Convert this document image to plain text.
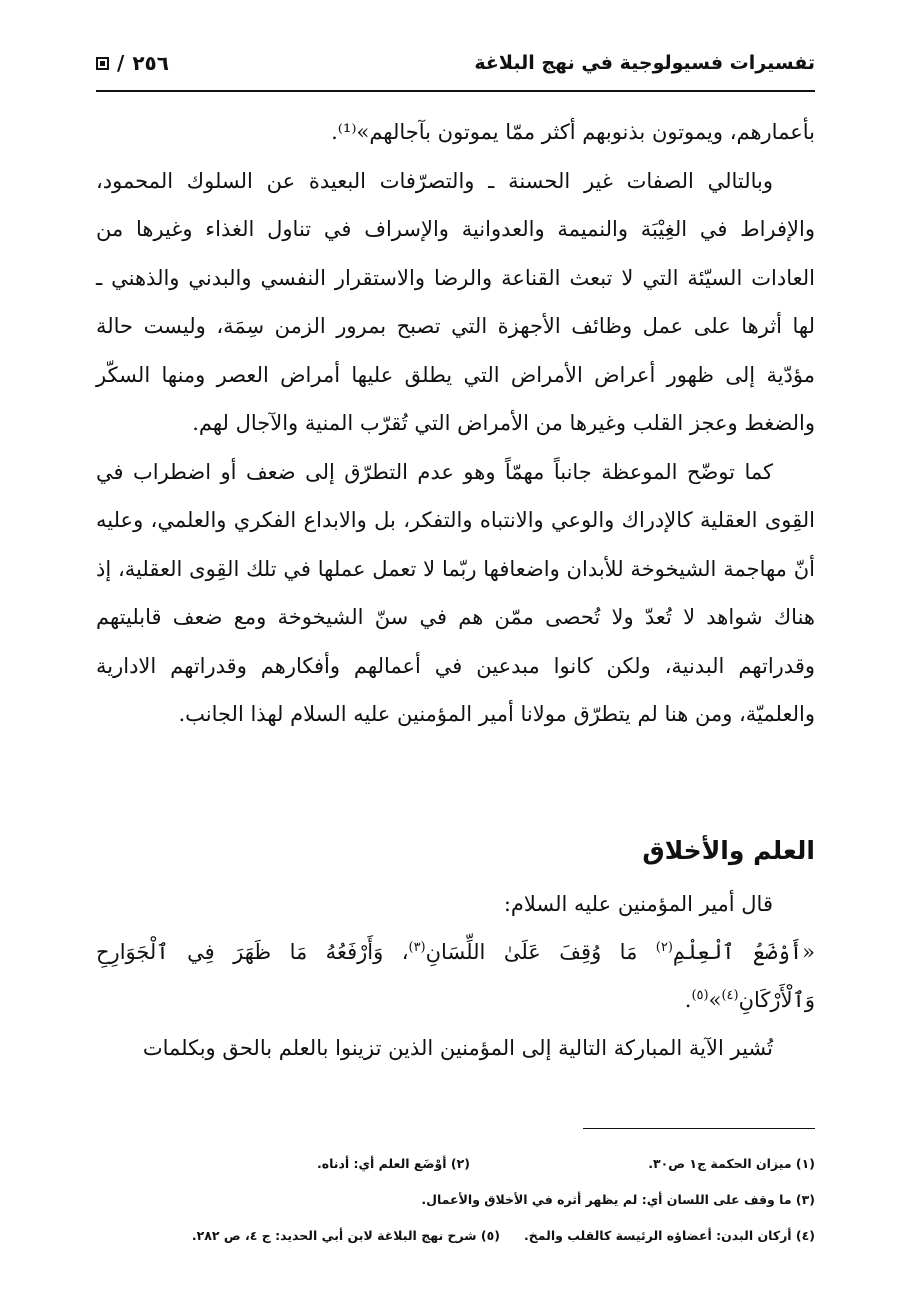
تفسيرات فسيولوجية في نهج البلاغة
٢٥٦
/

بأعمارهم، ويموتون بذنوبهم أكثر ممّا يموتون بآجالهم»⁽¹⁾.

وبالتالي الصفات غير الحسنة ـ والتصرّفات البعيدة عن السلوك المحمود، والإفراط في الغِيْبَة والنميمة والعدوانية والإسراف في تناول الغذاء وغيرها من العادات السيّئة التي لا تبعث القناعة والرضا والاستقرار النفسي والبدني والذهني ـ لها أثرها على عمل وظائف الأجهزة التي تصبح بمرور الزمن سِمَة، وليست حالة مؤدّية إلى ظهور أعراض الأمراض التي يطلق عليها أمراض العصر ومنها السكّر والضغط وعجز القلب وغيرها من الأمراض التي تُقرّب المنية والآجال لهم.

كما توضّح الموعظة جانباً مهمّاً وهو عدم التطرّق إلى ضعف أو اضطراب في القِوى العقلية كالإدراك والوعي والانتباه والتفكر، بل والابداع الفكري والعلمي، وعليه أنّ مهاجمة الشيخوخة للأبدان واضعافها ربّما لا تعمل عملها في تلك القِوى العقلية، إذ هناك شواهد لا تُعدّ ولا تُحصى ممّن هم في سنّ الشيخوخة ومع ضعف قابليتهم وقدراتهم البدنية، ولكن كانوا مبدعين في أعمالهم وأفكارهم وقدراتهم الادارية والعلميّة، ومن هنا لم يتطرّق مولانا أمير المؤمنين عليه السلام لهذا الجانب.

العلم والأخلاق

قال أمير المؤمنين عليه السلام:

«أَوْضَعُ ٱلْعِلْمِ$^{(٢)}$ مَا وُقِفَ عَلَىٰ اللِّسَانِ$^{(٣)}$، وَأَرْفَعُهُ مَا ظَهَرَ فِي ٱلْجَوَارِحِ وَٱلْأَرْكَانِ$^{(٤)}$»$^{(٥)}$.

تُشير الآية المباركة التالية إلى المؤمنين الذين تزينوا بالعلم بالحق وبكلمات

(١) ميزان الحكمة ج١ ص٣٠.
(٢) أوْضَع العلم أي: أدناه.
(٣) ما وقف على اللسان أي: لم يظهر أثره في الأخلاق والأعمال.
(٤) أركان البدن: أعضاؤه الرئيسة كالقلب والمخ.
(٥) شرح نهج البلاغة لابن أبي الحديد: ج ٤، ص ٢٨٢.
